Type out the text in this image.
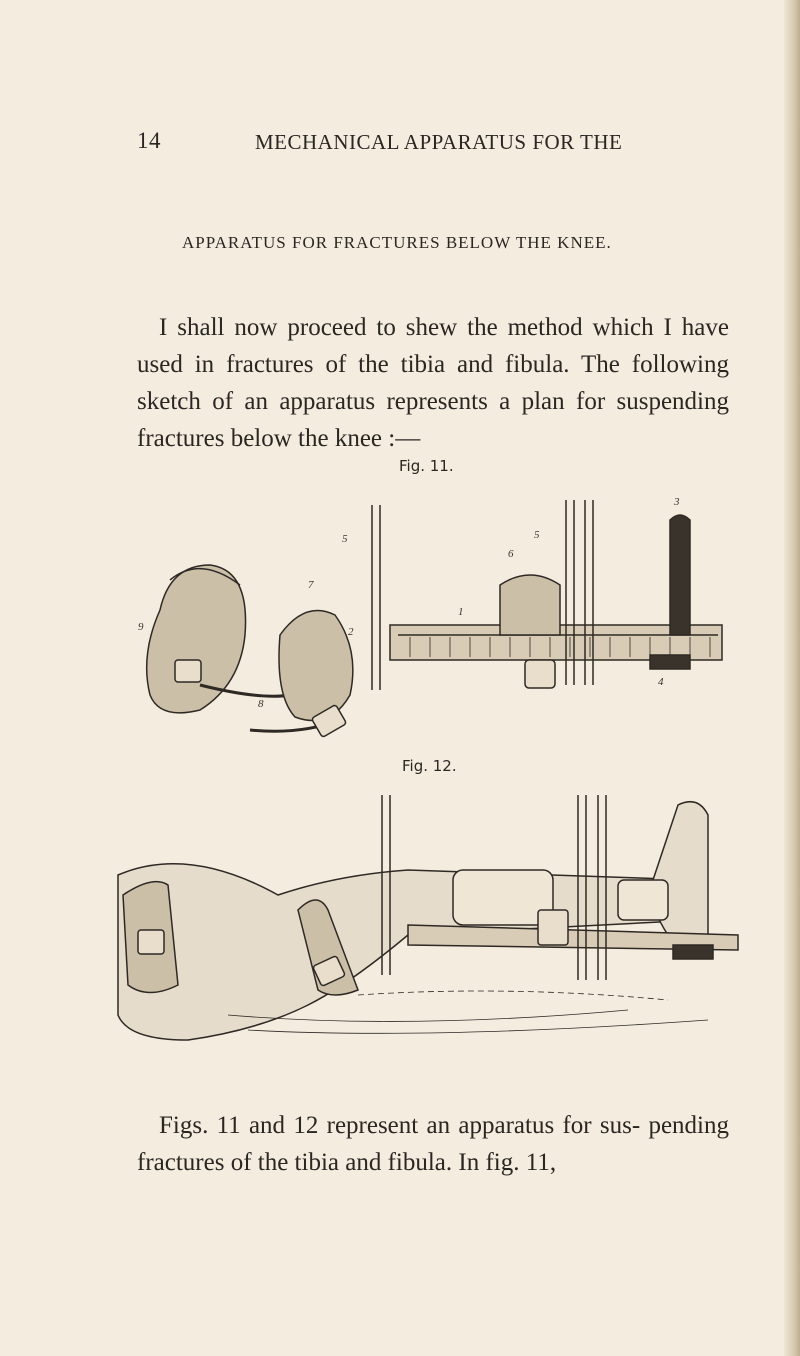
14	MECHANICAL APPARATUS FOR THE
APPARATUS FOR FRACTURES BELOW THE KNEE.

I shall now proceed to shew the method which I have used in fractures of the tibia and fibula. The following sketch of an apparatus represents a plan for suspending fractures below the knee :—

Fig. 11.
5
7
9	2
8
1
5
6
3
4
Fig. 12.

Figs. 11 and 12 represent an apparatus for sus- pending fractures of the tibia and fibula. In fig. 11,
